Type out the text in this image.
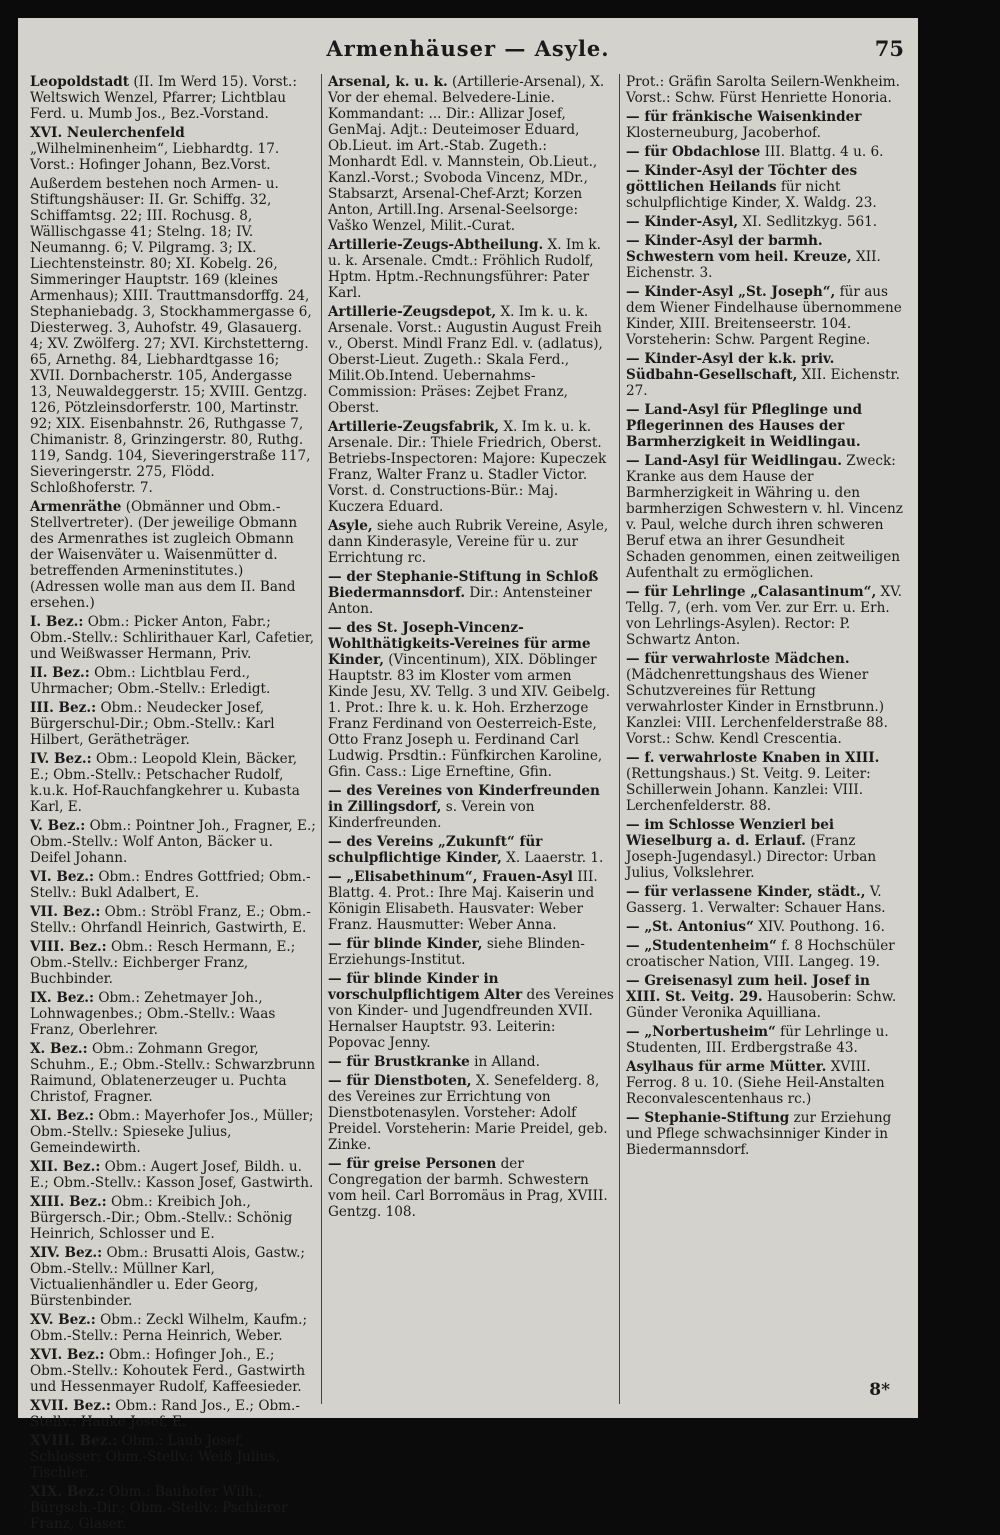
Armenhäuser — Asyle.	75
Leopoldstadt (II. Im Werd 15). Vorst.: Weltswich Wenzel, Pfarrer; Lichtblau Ferd. u. Mumb Jos., Bez.-Vorstand.
XVI. Neulerchenfeld „Wilhelminenheim“, Liebhardtg. 17. Vorst.: Hofinger Johann, Bez.Vorst.
Außerdem bestehen noch Armen- u. Stiftungshäuser: II. Gr. Schiffg. 32, Schiffamtsg. 22; III. Rochusg. 8, Wällischgasse 41; Stelng. 18; IV. Neumanng. 6; V. Pilgramg. 3; IX. Liechtensteinstr. 80; XI. Kobelg. 26, Simmeringer Hauptstr. 169 (kleines Armenhaus); XIII. Trauttmansdorffg. 24, Stephaniebadg. 3, Stockhammergasse 6, Diesterweg. 3, Auhofstr. 49, Glasauerg. 4; XV. Zwölferg. 27; XVI. Kirchstetterng. 65, Arnethg. 84, Liebhardtgasse 16; XVII. Dornbacherstr. 105, Andergasse 13, Neuwaldeggerstr. 15; XVIII. Gentzg. 126, Pötzleinsdorferstr. 100, Martinstr. 92; XIX. Eisenbahnstr. 26, Ruthgasse 7, Chimanistr. 8, Grinzingerstr. 80, Ruthg. 119, Sandg. 104, Sieveringerstraße 117, Sieveringerstr. 275, Flödd. Schloßhoferstr. 7.
Armenräthe (Obmänner und Obm.-Stellvertreter). (Der jeweilige Obmann des Armenrathes ist zugleich Obmann der Waisenväter u. Waisenmütter d. betreffenden Armeninstitutes.) (Adressen wolle man aus dem II. Band ersehen.)
I. Bez.: Obm.: Picker Anton, Fabr.; Obm.-Stellv.: Schlirithauer Karl, Cafetier, und Weißwasser Hermann, Priv.
II. Bez.: Obm.: Lichtblau Ferd., Uhrmacher; Obm.-Stellv.: Erledigt.
III. Bez.: Obm.: Neudecker Josef, Bürgerschul-Dir.; Obm.-Stellv.: Karl Hilbert, Gerätheträger.
IV. Bez.: Obm.: Leopold Klein, Bäcker, E.; Obm.-Stellv.: Petschacher Rudolf, k.u.k. Hof-Rauchfangkehrer u. Kubasta Karl, E.
V. Bez.: Obm.: Pointner Joh., Fragner, E.; Obm.-Stellv.: Wolf Anton, Bäcker u. Deifel Johann.
VI. Bez.: Obm.: Endres Gottfried; Obm.-Stellv.: Bukl Adalbert, E.
VII. Bez.: Obm.: Ströbl Franz, E.; Obm.-Stellv.: Ohrfandl Heinrich, Gastwirth, E.
VIII. Bez.: Obm.: Resch Hermann, E.; Obm.-Stellv.: Eichberger Franz, Buchbinder.
IX. Bez.: Obm.: Zehetmayer Joh., Lohnwagenbes.; Obm.-Stellv.: Waas Franz, Oberlehrer.
X. Bez.: Obm.: Zohmann Gregor, Schuhm., E.; Obm.-Stellv.: Schwarzbrunn Raimund, Oblatenerzeuger u. Puchta Christof, Fragner.
XI. Bez.: Obm.: Mayerhofer Jos., Müller; Obm.-Stellv.: Spieseke Julius, Gemeindewirth.
XII. Bez.: Obm.: Augert Josef, Bildh. u. E.; Obm.-Stellv.: Kasson Josef, Gastwirth.
XIII. Bez.: Obm.: Kreibich Joh., Bürgersch.-Dir.; Obm.-Stellv.: Schönig Heinrich, Schlosser und E.
XIV. Bez.: Obm.: Brusatti Alois, Gastw.; Obm.-Stellv.: Müllner Karl, Victualienhändler u. Eder Georg, Bürstenbinder.
XV. Bez.: Obm.: Zeckl Wilhelm, Kaufm.; Obm.-Stellv.: Perna Heinrich, Weber.
XVI. Bez.: Obm.: Hofinger Joh., E.; Obm.-Stellv.: Kohoutek Ferd., Gastwirth und Hessenmayer Rudolf, Kaffeesieder.
XVII. Bez.: Obm.: Rand Jos., E.; Obm.-Stellv.: Hauke Josef, E.
XVIII. Bez.: Obm.: Laub Josef, Schlosser; Obm.-Stellv.: Weiß Julius, Tischler.
XIX. Bez.: Obm.: Bauhofer Wilh., Bürgsch.-Dir.; Obm.-Stellv.: Pschierer Franz, Glaser.
Arsenal, k. u. k. (Artillerie-Arsenal), X. Vor der ehemal. Belvedere-Linie. Kommandant: ... Dir.: Allizar Josef, GenMaj. Adjt.: Deuteimoser Eduard, Ob.Lieut. im Art.-Stab. Zugeth.: Monhardt Edl. v. Mannstein, Ob.Lieut., Kanzl.-Vorst.; Svoboda Vincenz, MDr., Stabsarzt, Arsenal-Chef-Arzt; Korzen Anton, Artill.Ing. Arsenal-Seelsorge: Vaško Wenzel, Milit.-Curat.
Artillerie-Zeugs-Abtheilung. X. Im k. u. k. Arsenale. Cmdt.: Fröhlich Rudolf, Hptm. Hptm.-Rechnungsführer: Pater Karl.
Artillerie-Zeugsdepot, X. Im k. u. k. Arsenale. Vorst.: Augustin August Freih v., Oberst. Mindl Franz Edl. v. (adlatus), Oberst-Lieut. Zugeth.: Skala Ferd., Milit.Ob.Intend. Uebernahms-Commission: Präses: Zejbet Franz, Oberst.
Artillerie-Zeugsfabrik, X. Im k. u. k. Arsenale. Dir.: Thiele Friedrich, Oberst. Betriebs-Inspectoren: Majore: Kupeczek Franz, Walter Franz u. Stadler Victor. Vorst. d. Constructions-Bür.: Maj. Kuczera Eduard.
Asyle, siehe auch Rubrik Vereine, Asyle, dann Kinderasyle, Vereine für u. zur Errichtung rc.
— der Stephanie-Stiftung in Schloß Biedermannsdorf. Dir.: Antensteiner Anton.
— des St. Joseph-Vincenz-Wohlthätigkeits-Vereines für arme Kinder, (Vincentinum), XIX. Döblinger Hauptstr. 83 im Kloster vom armen Kinde Jesu, XV. Tellg. 3 und XIV. Geibelg. 1. Prot.: Ihre k. u. k. Hoh. Erzherzoge Franz Ferdinand von Oesterreich-Este, Otto Franz Joseph u. Ferdinand Carl Ludwig. Prsdtin.: Fünfkirchen Karoline, Gfin. Cass.: Lige Erneftine, Gfin.
— des Vereines von Kinderfreunden in Zillingsdorf, s. Verein von Kinderfreunden.
— des Vereins „Zukunft“ für schulpflichtige Kinder, X. Laaerstr. 1.
— „Elisabethinum“, Frauen-Asyl III. Blattg. 4. Prot.: Ihre Maj. Kaiserin und Königin Elisabeth. Hausvater: Weber Franz. Hausmutter: Weber Anna.
— für blinde Kinder, siehe Blinden-Erziehungs-Institut.
— für blinde Kinder in vorschulpflichtigem Alter des Vereines von Kinder- und Jugendfreunden XVII. Hernalser Hauptstr. 93. Leiterin: Popovac Jenny.
— für Brustkranke in Alland.
— für Dienstboten, X. Senefelderg. 8, des Vereines zur Errichtung von Dienstbotenasylen. Vorsteher: Adolf Preidel. Vorsteherin: Marie Preidel, geb. Zinke.
— für greise Personen der Congregation der barmh. Schwestern vom heil. Carl Borromäus in Prag, XVIII. Gentzg. 108.
Prot.: Gräfin Sarolta Seilern-Wenkheim. Vorst.: Schw. Fürst Henriette Honoria.
— für fränkische Waisenkinder Klosterneuburg, Jacoberhof.
— für Obdachlose III. Blattg. 4 u. 6.
— Kinder-Asyl der Töchter des göttlichen Heilands für nicht schulpflichtige Kinder, X. Waldg. 23.
— Kinder-Asyl, XI. Sedlitzkyg. 561.
— Kinder-Asyl der barmh. Schwestern vom heil. Kreuze, XII. Eichenstr. 3.
— Kinder-Asyl „St. Joseph“, für aus dem Wiener Findelhause übernommene Kinder, XIII. Breitenseerstr. 104. Vorsteherin: Schw. Pargent Regine.
— Kinder-Asyl der k.k. priv. Südbahn-Gesellschaft, XII. Eichenstr. 27.
— Land-Asyl für Pfleglinge und Pflegerinnen des Hauses der Barmherzigkeit in Weidlingau.
— Land-Asyl für Weidlingau. Zweck: Kranke aus dem Hause der Barmherzigkeit in Währing u. den barmherzigen Schwestern v. hl. Vincenz v. Paul, welche durch ihren schweren Beruf etwa an ihrer Gesundheit Schaden genommen, einen zeitweiligen Aufenthalt zu ermöglichen.
— für Lehrlinge „Calasantinum“, XV. Tellg. 7, (erh. vom Ver. zur Err. u. Erh. von Lehrlings-Asylen). Rector: P. Schwartz Anton.
— für verwahrloste Mädchen. (Mädchenrettungshaus des Wiener Schutzvereines für Rettung verwahrloster Kinder in Ernstbrunn.) Kanzlei: VIII. Lerchenfelderstraße 88. Vorst.: Schw. Kendl Crescentia.
— f. verwahrloste Knaben in XIII. (Rettungshaus.) St. Veitg. 9. Leiter: Schillerwein Johann. Kanzlei: VIII. Lerchenfelderstr. 88.
— im Schlosse Wenzierl bei Wieselburg a. d. Erlauf. (Franz Joseph-Jugendasyl.) Director: Urban Julius, Volkslehrer.
— für verlassene Kinder, städt., V. Gasserg. 1. Verwalter: Schauer Hans.
— „St. Antonius“ XIV. Pouthong. 16.
— „Studentenheim“ f. 8 Hochschüler croatischer Nation, VIII. Langeg. 19.
— Greisenasyl zum heil. Josef in XIII. St. Veitg. 29. Hausoberin: Schw. Günder Veronika Aquilliana.
— „Norbertusheim“ für Lehrlinge u. Studenten, III. Erdbergstraße 43.
Asylhaus für arme Mütter. XVIII. Ferrog. 8 u. 10. (Siehe Heil-Anstalten Reconvalescentenhaus rc.)
— Stephanie-Stiftung zur Erziehung und Pflege schwachsinniger Kinder in Biedermannsdorf.
8*
